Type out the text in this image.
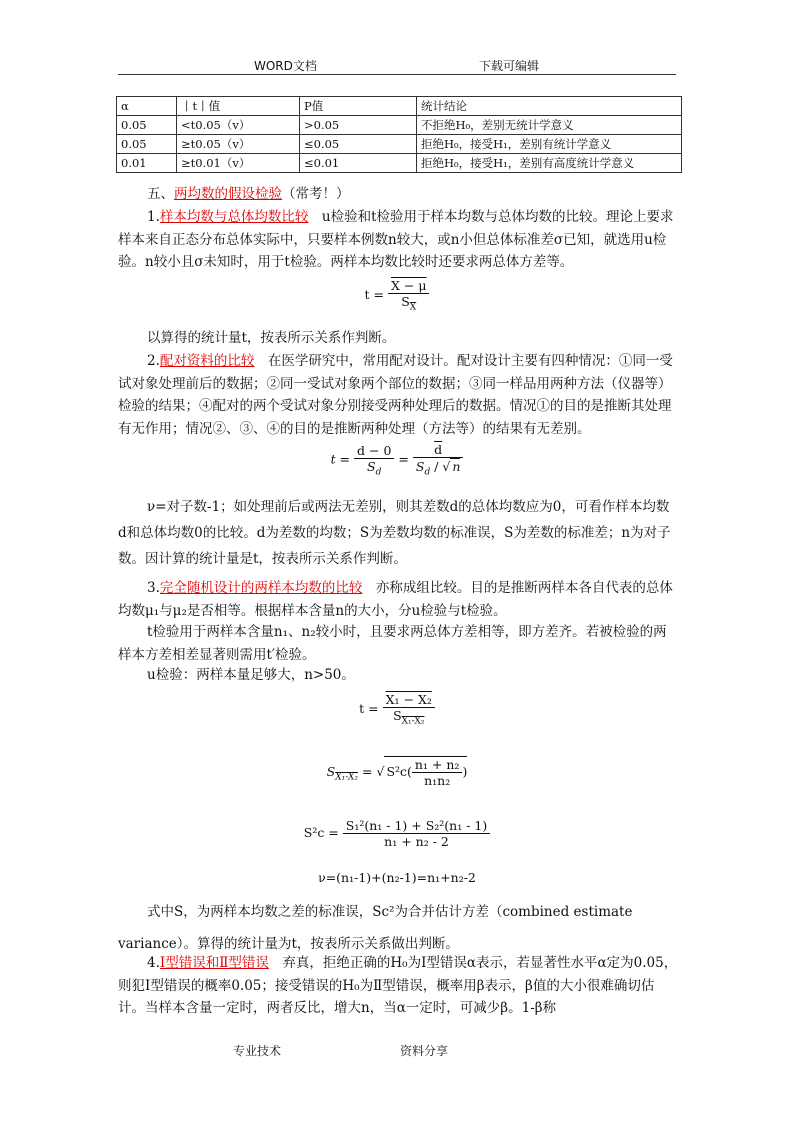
WORD文档	下载可编辑
α	丨t丨值	P值	统计结论
0.05	<t0.05（v）	>0.05	不拒绝H₀，差别无统计学意义
0.05	≥t0.05（v）	≤0.05	拒绝H₀，接受H₁，差别有统计学意义
0.01	≥t0.01（v）	≤0.01	拒绝H₀，接受H₁，差别有高度统计学意义

五、两均数的假设检验（常考！）

1.样本均数与总体均数比较　u检验和t检验用于样本均数与总体均数的比较。理论上要求样本来自正态分布总体实际中，只要样本例数n较大，或n小但总体标准差σ已知，就选用u检验。n较小且σ未知时，用于t检验。两样本均数比较时还要求两总体方差等。

$t = \frac{X - \mu}{S_{\overline{X}}}$

以算得的统计量t，按表所示关系作判断。

2.配对资料的比较　在医学研究中，常用配对设计。配对设计主要有四种情况：①同一受试对象处理前后的数据；②同一受试对象两个部位的数据；③同一样品用两种方法（仪器等）检验的结果；④配对的两个受试对象分别接受两种处理后的数据。情况①的目的是推断其处理有无作用；情况②、③、④的目的是推断两种处理（方法等）的结果有无差别。

$t = \frac{d - 0}{S_d} = \frac{\overline{d}}{S_d / √ n}$

ν=对子数-1；如处理前后或两法无差别，则其差数d的总体均数应为0，可看作样本均数d和总体均数0的比较。d为差数的均数；S为差数均数的标准误，S为差数的标准差；n为对子数。因计算的统计量是t，按表所示关系作判断。

3.完全随机设计的两样本均数的比较　亦称成组比较。目的是推断两样本各自代表的总体均数μ₁与μ₂是否相等。根据样本含量n的大小，分u检验与t检验。

t检验用于两样本含量n₁、n₂较小时，且要求两总体方差相等，即方差齐。若被检验的两样本方差相差显著则需用t′检验。

u检验：两样本量足够大，n>50。

$t = \frac{\text{X₁ − X₂}}{S_{X_1-X_2}}$
$S_{X_1-X_2}$ = √ $S^2c( \frac{\text{n₁ + n₂}}{\text{n₁n₂}}$ )
$S^2c = \frac{\text{S₁²(n₁ - 1) + S₂²(n₁ - 1)}}{\text{n₁ + n₂ - 2}}$
ν=(n₁-1)+(n₂-1)=n₁+n₂-2

式中S，为两样本均数之差的标准误，Sc²为合并估计方差（combined estimate variance）。算得的统计量为t，按表所示关系做出判断。

4.Ⅰ型错误和Ⅱ型错误　弃真，拒绝正确的H₀为Ⅰ型错误α表示，若显著性水平α定为0.05，则犯Ⅰ型错误的概率0.05；接受错误的H₀为Ⅱ型错误，概率用β表示，β值的大小很难确切估计。当样本含量一定时，两者反比，增大n，当α一定时，可减少β。1-β称

专业技术	资料分享
